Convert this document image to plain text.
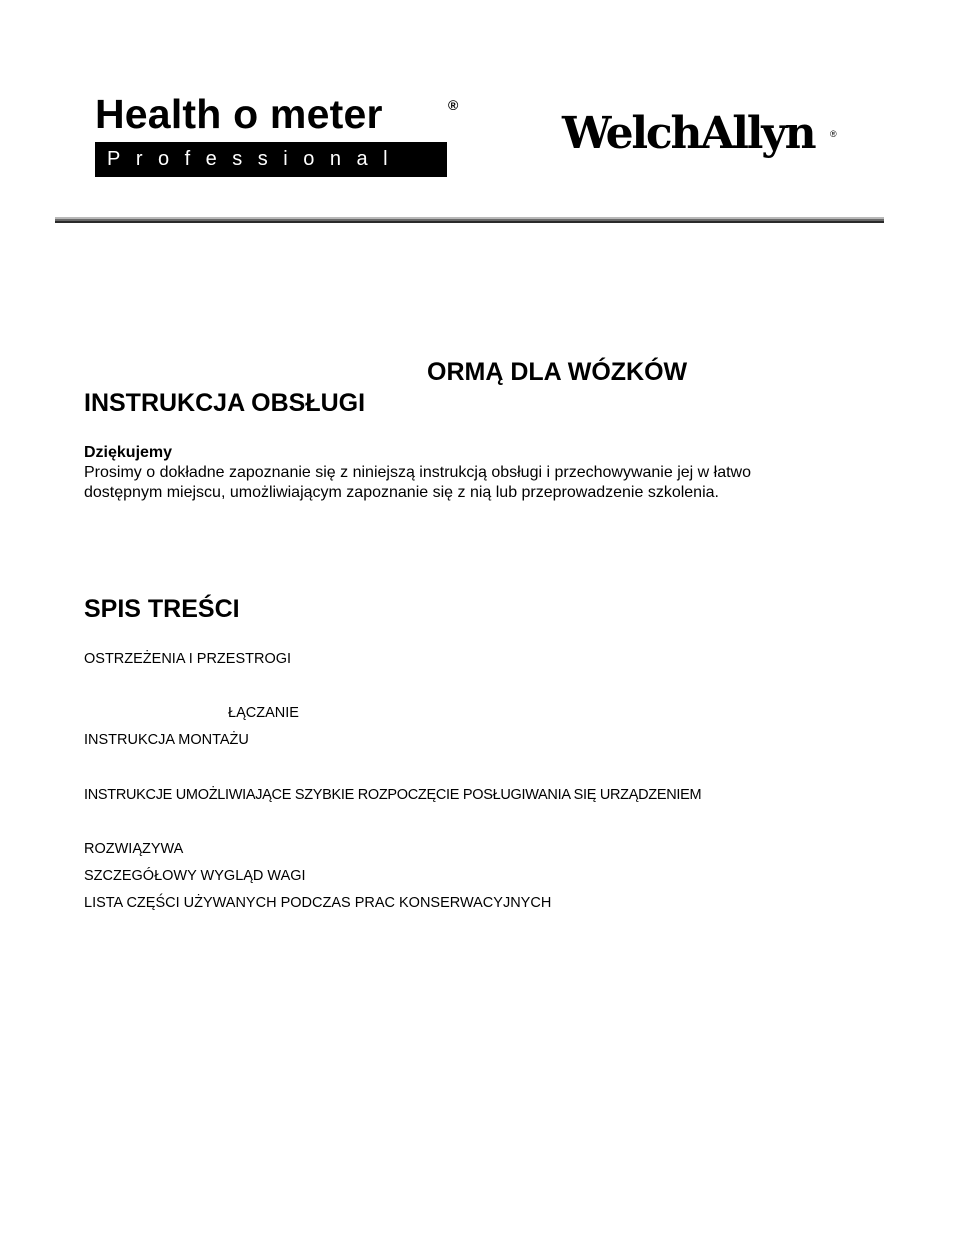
Health o meter	®
Professional	WelchAllyn ®
ORMĄ DLA WÓZKÓW
INSTRUKCJA OBSŁUGI
Dziękujemy
Prosimy o dokładne zapoznanie się z niniejszą instrukcją obsługi i przechowywanie jej w łatwo
dostępnym miejscu, umożliwiającym zapoznanie się z nią lub przeprowadzenie szkolenia.
SPIS TREŚCI
OSTRZEŻENIA I PRZESTROGI
ŁĄCZANIE
INSTRUKCJA MONTAŻU
INSTRUKCJE UMOŻLIWIAJĄCE SZYBKIE ROZPOCZĘCIE POSŁUGIWANIA SIĘ URZĄDZENIEM
ROZWIĄZYWA
SZCZEGÓŁOWY WYGLĄD WAGI
LISTA CZĘŚCI UŻYWANYCH PODCZAS PRAC KONSERWACYJNYCH
